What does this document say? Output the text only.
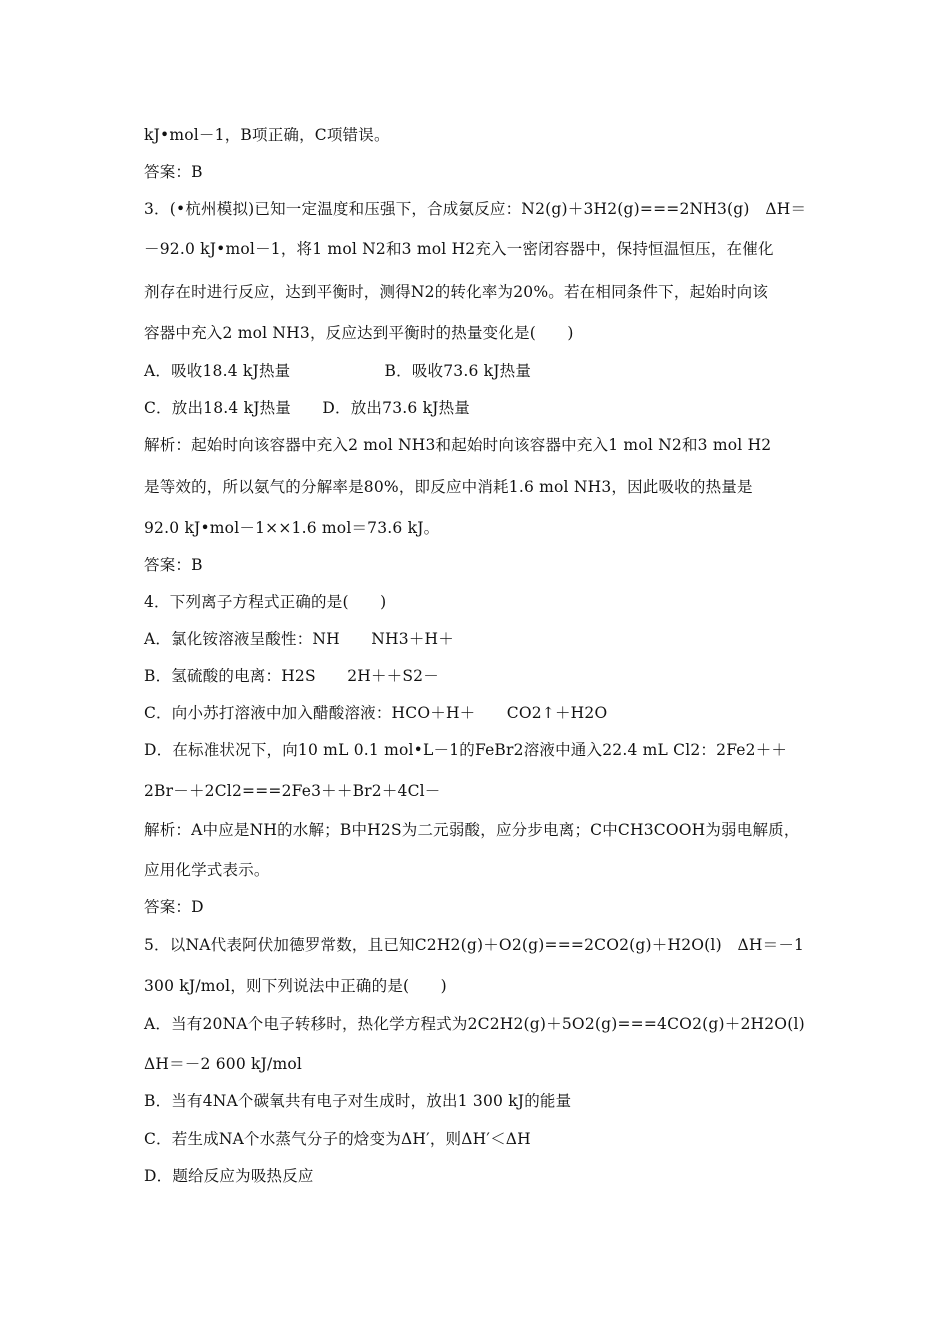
kJ•mol－1，B项正确，C项错误。
答案：B
3．(•杭州模拟)已知一定温度和压强下，合成氨反应：N2(g)＋3H2(g)===2NH3(g)　ΔH＝
－92.0 kJ•mol－1，将1 mol N2和3 mol H2充入一密闭容器中，保持恒温恒压，在催化
剂存在时进行反应，达到平衡时，测得N2的转化率为20%。若在相同条件下，起始时向该
容器中充入2 mol NH3，反应达到平衡时的热量变化是(　　)
A．吸收18.4 kJ热量　　　　　　B．吸收73.6 kJ热量
C．放出18.4 kJ热量　　D．放出73.6 kJ热量
解析：起始时向该容器中充入2 mol NH3和起始时向该容器中充入1 mol N2和3 mol H2
是等效的，所以氨气的分解率是80%，即反应中消耗1.6 mol NH3，因此吸收的热量是
92.0 kJ•mol－1××1.6 mol＝73.6 kJ。
答案：B
4．下列离子方程式正确的是(　　)
A．氯化铵溶液呈酸性：NH　　NH3＋H＋
B．氢硫酸的电离：H2S　　2H＋＋S2－
C．向小苏打溶液中加入醋酸溶液：HCO＋H＋　　CO2↑＋H2O
D．在标准状况下，向10 mL 0.1 mol•L－1的FeBr2溶液中通入22.4 mL Cl2：2Fe2＋＋
2Br－＋2Cl2===2Fe3＋＋Br2＋4Cl－
解析：A中应是NH的水解；B中H2S为二元弱酸，应分步电离；C中CH3COOH为弱电解质，
应用化学式表示。
答案：D
5．以NA代表阿伏加德罗常数，且已知C2H2(g)＋O2(g)===2CO2(g)＋H2O(l)　ΔH＝－1
300 kJ/mol，则下列说法中正确的是(　　)
A．当有20NA个电子转移时，热化学方程式为2C2H2(g)＋5O2(g)===4CO2(g)＋2H2O(l)
ΔH＝－2 600 kJ/mol
B．当有4NA个碳氧共有电子对生成时，放出1 300 kJ的能量
C．若生成NA个水蒸气分子的焓变为ΔH′，则ΔH′＜ΔH
D．题给反应为吸热反应
